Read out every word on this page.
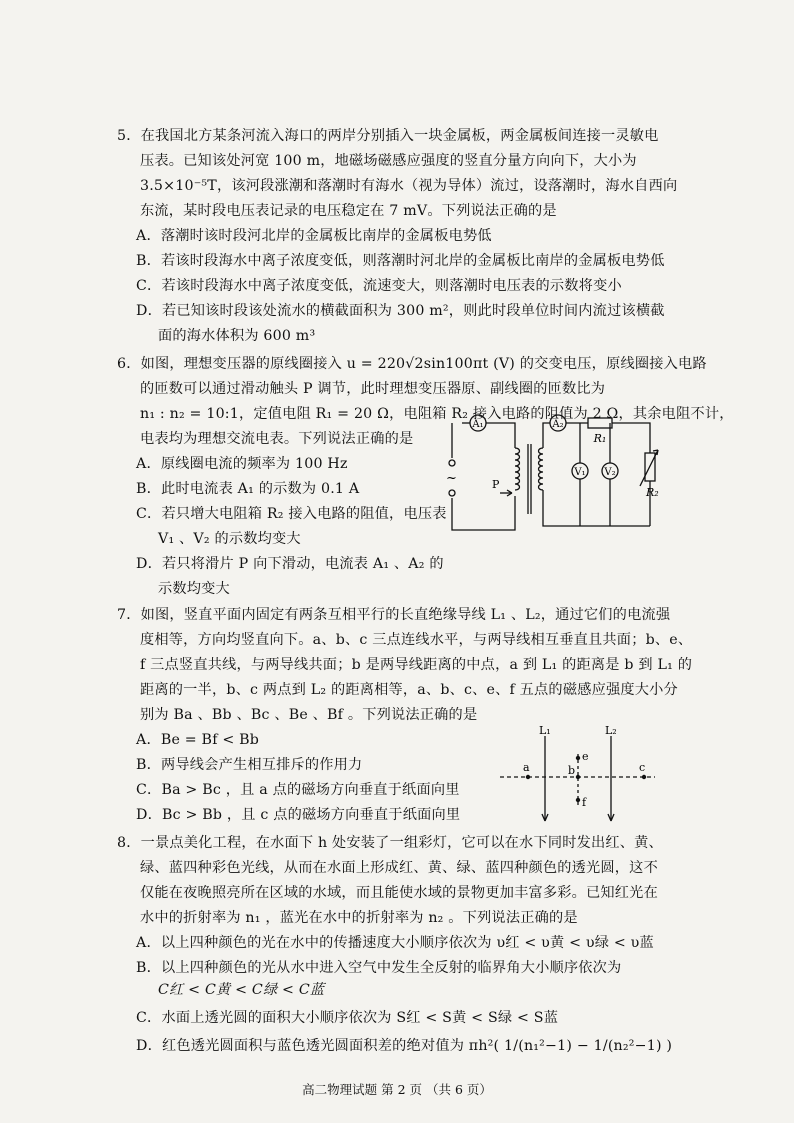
5．在我国北方某条河流入海口的两岸分别插入一块金属板，两金属板间连接一灵敏电
压表。已知该处河宽 100 m，地磁场磁感应强度的竖直分量方向向下，大小为
3.5×10⁻⁵T，该河段涨潮和落潮时有海水（视为导体）流过，设落潮时，海水自西向
东流，某时段电压表记录的电压稳定在 7 mV。下列说法正确的是
A．落潮时该时段河北岸的金属板比南岸的金属板电势低
B．若该时段海水中离子浓度变低，则落潮时河北岸的金属板比南岸的金属板电势低
C．若该时段海水中离子浓度变低，流速变大，则落潮时电压表的示数将变小
D．若已知该时段该处流水的横截面积为 300 m²，则此时段单位时间内流过该横截
面的海水体积为 600 m³
6．如图，理想变压器的原线圈接入 u = 220√2sin100πt (V) 的交变电压，原线圈接入电路
的匝数可以通过滑动触头 P 调节，此时理想变压器原、副线圈的匝数比为
n₁ : n₂ = 10:1，定值电阻 R₁ = 20 Ω，电阻箱 R₂ 接入电路的阻值为 2 Ω，其余电阻不计，
电表均为理想交流电表。下列说法正确的是
A．原线圈电流的频率为 100 Hz
B．此时电流表 A₁ 的示数为 0.1 A
C．若只增大电阻箱 R₂ 接入电路的阻值，电压表
V₁ 、V₂ 的示数均变大
D．若只将滑片 P 向下滑动，电流表 A₁ 、A₂ 的
示数均变大
A₁	A₂
V₁ V₂
R₁
R₂
P
~
7．如图，竖直平面内固定有两条互相平行的长直绝缘导线 L₁ 、L₂，通过它们的电流强
度相等，方向均竖直向下。a、b、c 三点连线水平，与两导线相互垂直且共面；b、e、
f 三点竖直共线，与两导线共面；b 是两导线距离的中点，a 到 L₁ 的距离是 b 到 L₁ 的
距离的一半，b、c 两点到 L₂ 的距离相等，a、b、c、e、f 五点的磁感应强度大小分
别为 Ba 、Bb 、Bc 、Be 、Bf 。下列说法正确的是
A．Be = Bf < Bb
B．两导线会产生相互排斥的作用力
C．Ba > Bc ，且 a 点的磁场方向垂直于纸面向里
D．Bc > Bb ，且 c 点的磁场方向垂直于纸面向里
L₁	L₂
a	b	c
e
f
8．一景点美化工程，在水面下 h 处安装了一组彩灯，它可以在水下同时发出红、黄、
绿、蓝四种彩色光线，从而在水面上形成红、黄、绿、蓝四种颜色的透光圆，这不
仅能在夜晚照亮所在区域的水域，而且能使水域的景物更加丰富多彩。已知红光在
水中的折射率为 n₁ ，蓝光在水中的折射率为 n₂ 。下列说法正确的是
A．以上四种颜色的光在水中的传播速度大小顺序依次为 υ红 < υ黄 < υ绿 < υ蓝
B．以上四种颜色的光从水中进入空气中发生全反射的临界角大小顺序依次为
C红 < C黄 < C绿 < C蓝
高二物理试题 第 2 页 （共 6 页）
C．水面上透光圆的面积大小顺序依次为 S红 < S黄 < S绿 < S蓝
D．红色透光圆面积与蓝色透光圆面积差的绝对值为 πh²( 1/(n₁²−1) − 1/(n₂²−1) )
